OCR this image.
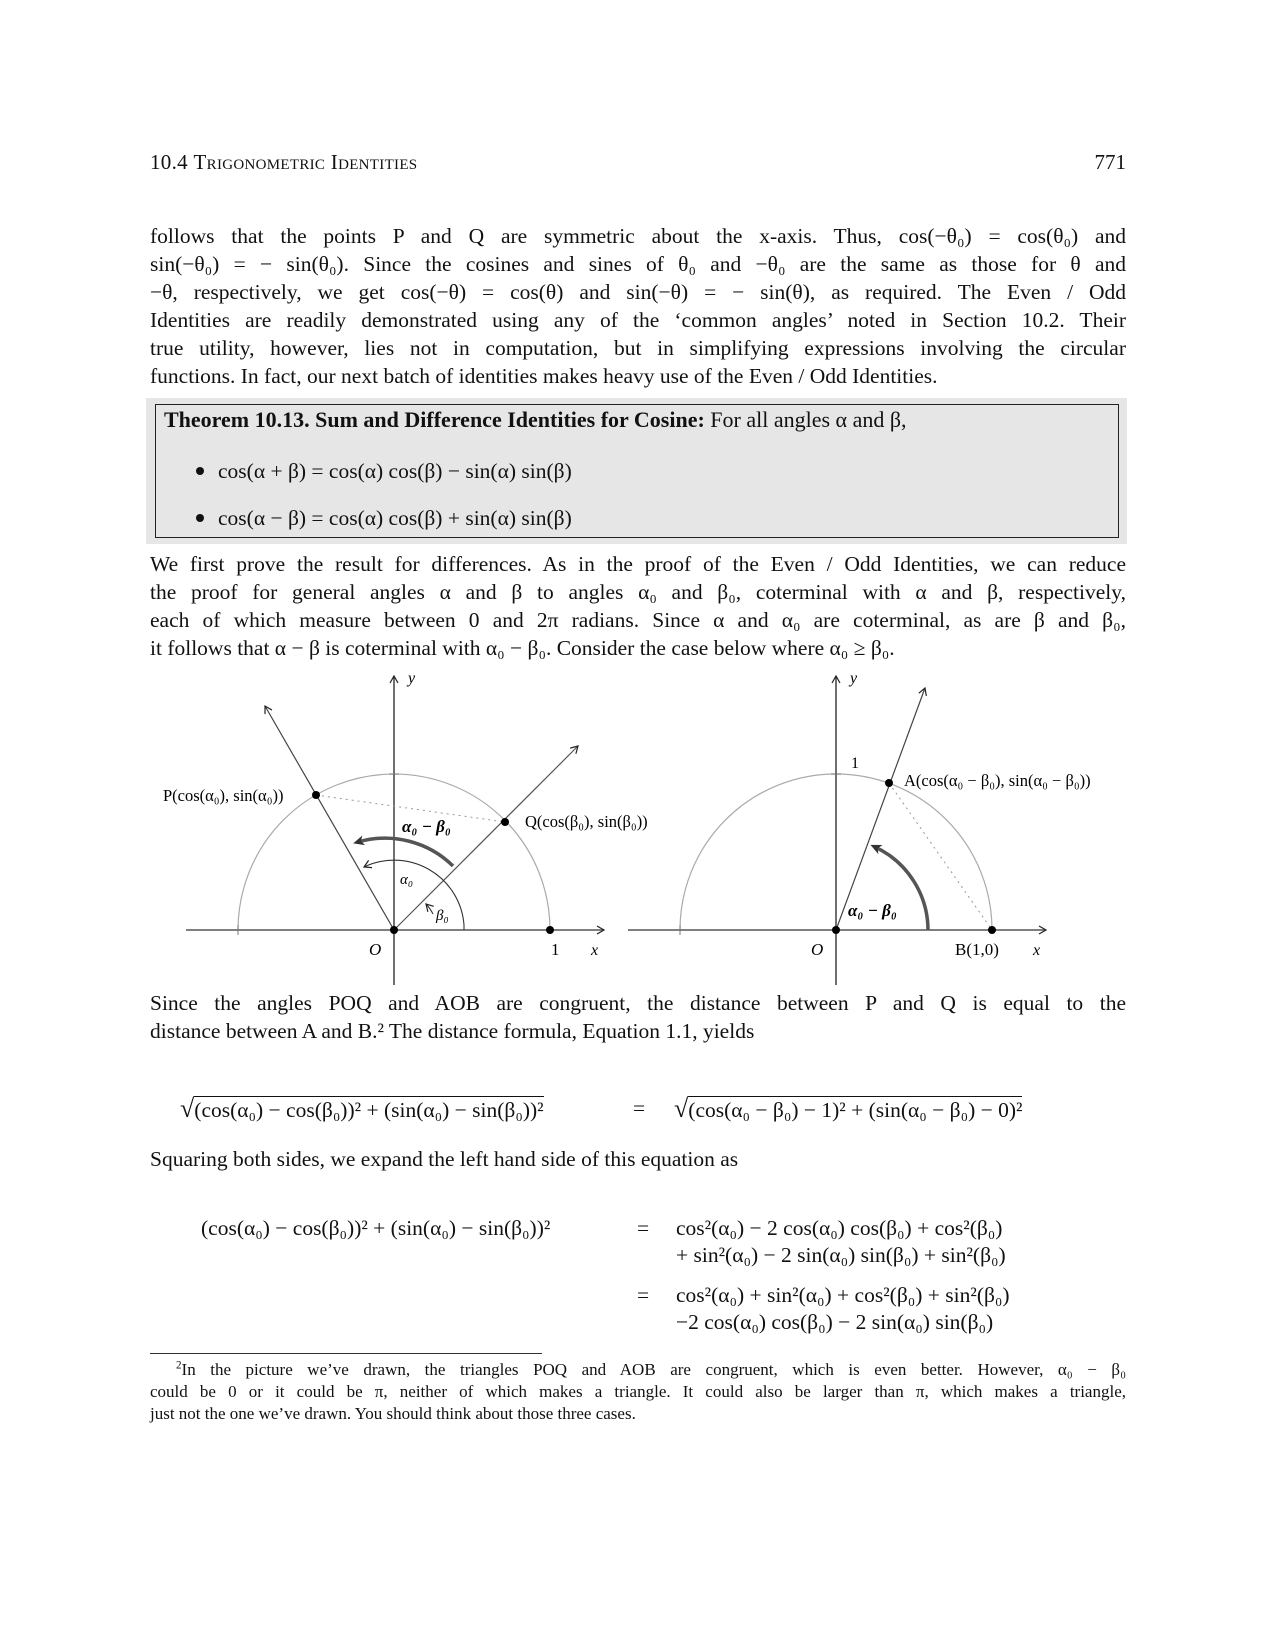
10.4 Trigonometric Identities	771
follows that the points P and Q are symmetric about the x-axis. Thus, cos(−θ₀) = cos(θ₀) and
sin(−θ₀) = − sin(θ₀). Since the cosines and sines of θ₀ and −θ₀ are the same as those for θ and
−θ, respectively, we get cos(−θ) = cos(θ) and sin(−θ) = − sin(θ), as required. The Even / Odd
Identities are readily demonstrated using any of the ‘common angles’ noted in Section 10.2. Their
true utility, however, lies not in computation, but in simplifying expressions involving the circular
functions. In fact, our next batch of identities makes heavy use of the Even / Odd Identities.
Theorem 10.13. Sum and Difference Identities for Cosine: For all angles α and β,
cos(α + β) = cos(α) cos(β) − sin(α) sin(β)
cos(α − β) = cos(α) cos(β) + sin(α) sin(β)
We first prove the result for differences. As in the proof of the Even / Odd Identities, we can reduce
the proof for general angles α and β to angles α₀ and β₀, coterminal with α and β, respectively,
each of which measure between 0 and 2π radians. Since α and α₀ are coterminal, as are β and β₀,
it follows that α − β is coterminal with α₀ − β₀. Consider the case below where α₀ ≥ β₀.
y
x
O	1
P(cos(α₀), sin(α₀))
Q(cos(β₀), sin(β₀))
α₀ − β₀
α₀
β₀
y
x
O
1
A(cos(α₀ − β₀), sin(α₀ − β₀))
B(1,0)
α₀ − β₀
Since the angles POQ and AOB are congruent, the distance between P and Q is equal to the
distance between A and B.² The distance formula, Equation 1.1, yields
√(cos(α₀) − cos(β₀))² + (sin(α₀) − sin(β₀))²	= √(cos(α₀ − β₀) − 1)² + (sin(α₀ − β₀) − 0)²
Squaring both sides, we expand the left hand side of this equation as
(cos(α₀) − cos(β₀))² + (sin(α₀) − sin(β₀))²	= cos²(α₀) − 2 cos(α₀) cos(β₀) + cos²(β₀)
+ sin²(α₀) − 2 sin(α₀) sin(β₀) + sin²(β₀)
= cos²(α₀) + sin²(α₀) + cos²(β₀) + sin²(β₀)
−2 cos(α₀) cos(β₀) − 2 sin(α₀) sin(β₀)
$^2$In the picture we’ve drawn, the triangles POQ and AOB are congruent, which is even better. However, α₀ − β₀
could be 0 or it could be π, neither of which makes a triangle. It could also be larger than π, which makes a triangle,
just not the one we’ve drawn. You should think about those three cases.
